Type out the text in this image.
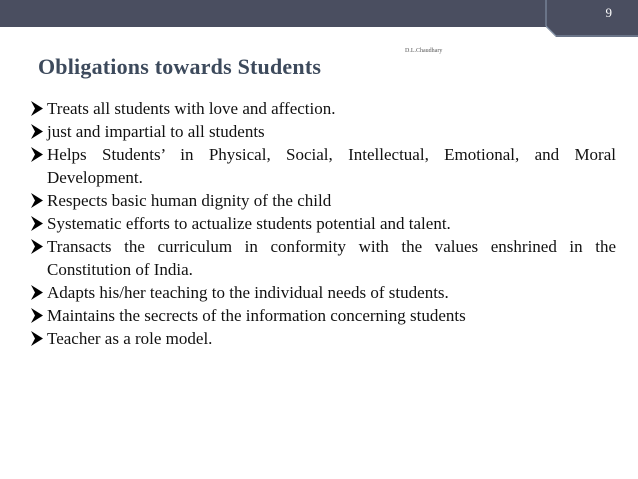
9
D.L.Chaudhary
Obligations towards Students
Treats all students with love and affection.
just and impartial to all students
Helps Students’ in Physical, Social, Intellectual, Emotional, and Moral Development.
Respects basic human dignity of the child
Systematic efforts to actualize students potential and talent.
Transacts the curriculum in conformity with the values enshrined in the Constitution of India.
Adapts his/her teaching to the individual needs of students.
Maintains the secrects of the information concerning students
Teacher as a role model.
